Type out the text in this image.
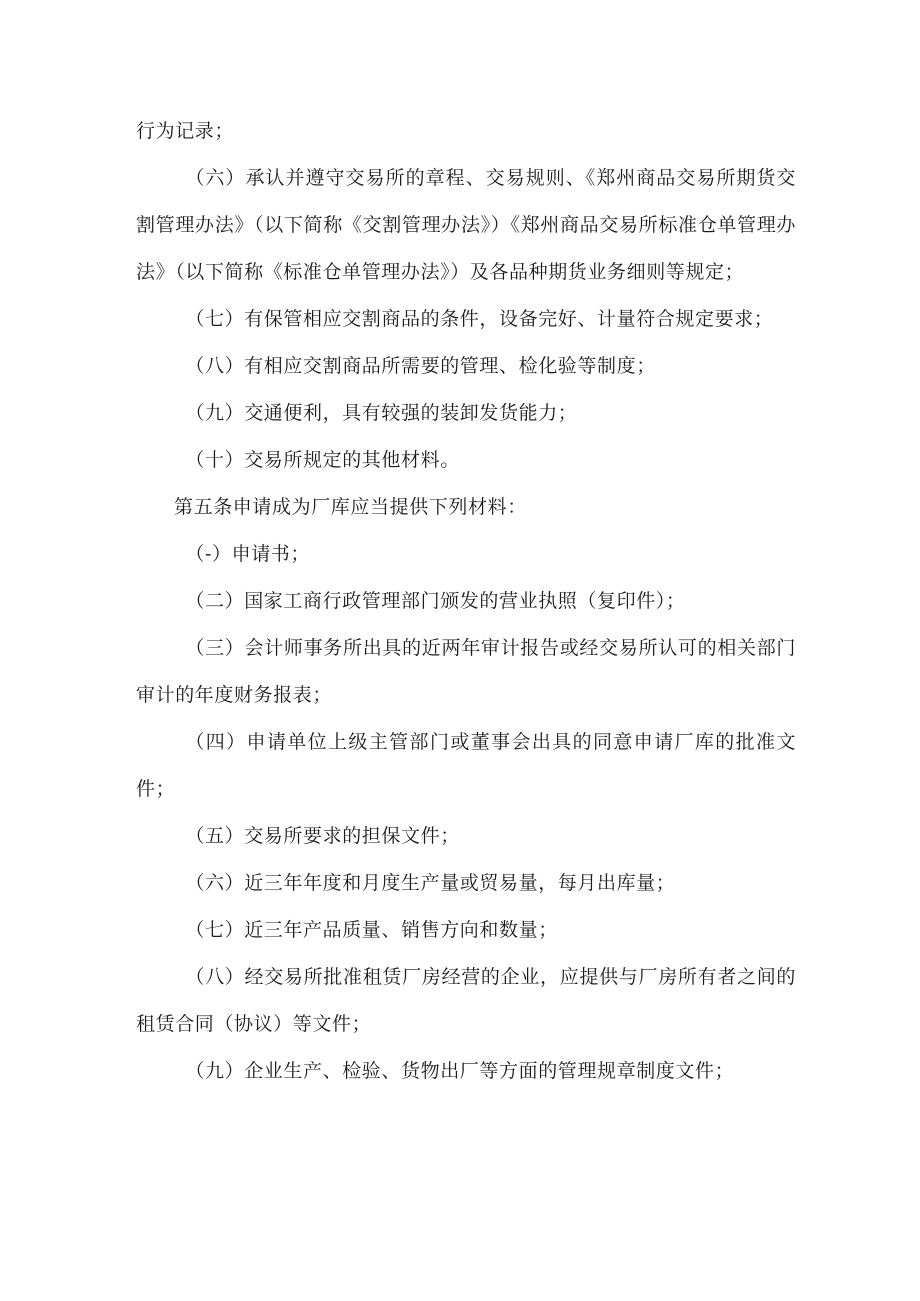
行为记录；

（六）承认并遵守交易所的章程、交易规则、《郑州商品交易所期货交割管理办法》（以下简称《交割管理办法》）《郑州商品交易所标准仓单管理办法》（以下简称《标准仓单管理办法》）及各品种期货业务细则等规定；

（七）有保管相应交割商品的条件，设备完好、计量符合规定要求；

（八）有相应交割商品所需要的管理、检化验等制度；

（九）交通便利，具有较强的装卸发货能力；

（十）交易所规定的其他材料。

第五条申请成为厂库应当提供下列材料：

（-）申请书；

（二）国家工商行政管理部门颁发的营业执照（复印件）；

（三）会计师事务所出具的近两年审计报告或经交易所认可的相关部门审计的年度财务报表；

（四）申请单位上级主管部门或董事会出具的同意申请厂库的批准文件；

（五）交易所要求的担保文件；

（六）近三年年度和月度生产量或贸易量，每月出库量；

（七）近三年产品质量、销售方向和数量；

（八）经交易所批准租赁厂房经营的企业，应提供与厂房所有者之间的租赁合同（协议）等文件；

（九）企业生产、检验、货物出厂等方面的管理规章制度文件；
